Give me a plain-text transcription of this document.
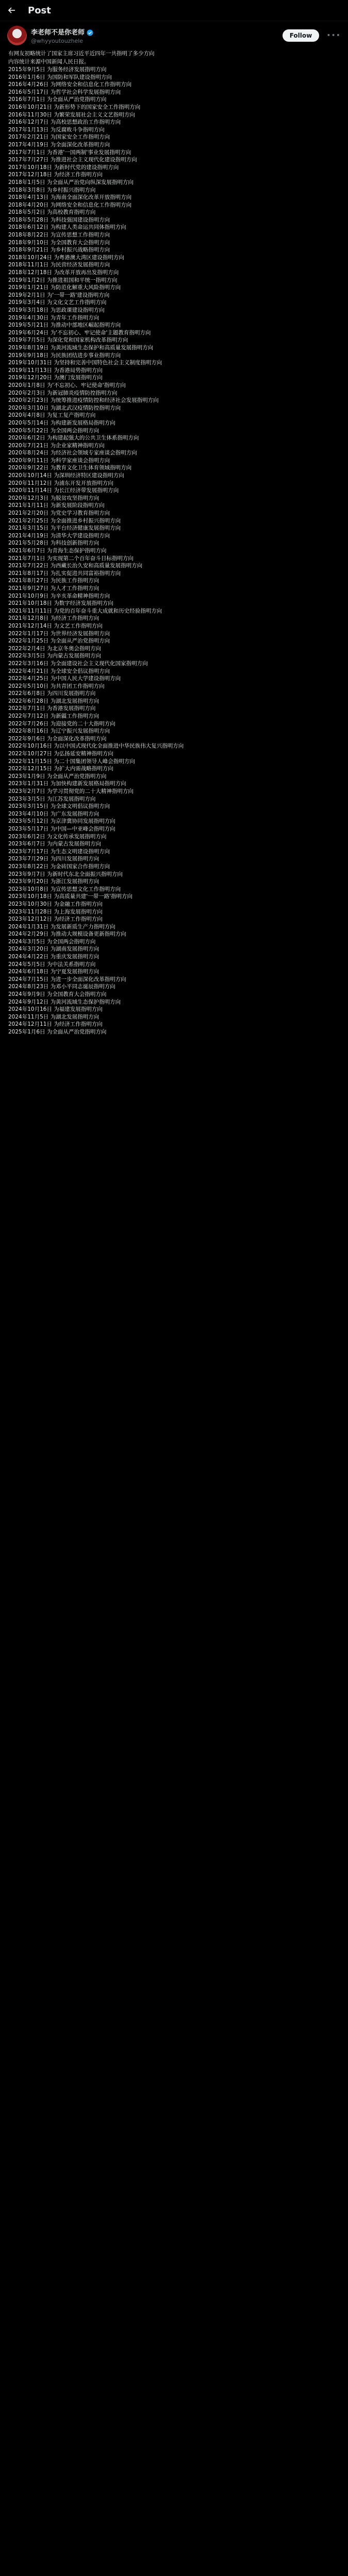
Post
李老师不是你老师
@whyyoutouzhele
Follow	•••
有网友初略统计了国家主席习近平近四年一共指明了多少方向
内容统计来源中国新闻人民日报。
2015年9月5日 为服务经济发展指明方向
2016年1月6日 为国防和军队建设指明方向
2016年4月26日 为网络安全和信息化工作指明方向
2016年5月17日 为哲学社会科学发展指明方向
2016年7月1日 为全面从严治党指明方向
2016年10月21日 为新形势下的国家安全工作指明方向
2016年11月30日 为繁荣发展社会主义文艺指明方向
2016年12月7日 为高校思想政治工作指明方向
2017年1月13日 为反腐败斗争指明方向
2017年2月21日 为国家安全工作指明方向
2017年4月19日 为全面深化改革指明方向
2017年7月1日 为香港'一国两制'事业发展指明方向
2017年7月27日 为推进社会主义现代化建设指明方向
2017年10月18日 为新时代党的建设指明方向
2017年12月18日 为经济工作指明方向
2018年1月5日 为全面从严治党向纵深发展指明方向
2018年3月8日 为乡村振兴指明方向
2018年4月13日 为海南全面深化改革开放指明方向
2018年4月20日 为网络安全和信息化工作指明方向
2018年5月2日 为高校教育指明方向
2018年5月28日 为科技强国建设指明方向
2018年6月12日 为构建人类命运共同体指明方向
2018年8月22日 为宣传思想工作指明方向
2018年9月10日 为全国教育大会指明方向
2018年9月21日 为乡村振兴战略指明方向
2018年10月24日 为粤港澳大湾区建设指明方向
2018年11月1日 为民营经济发展指明方向
2018年12月18日 为改革开放再出发指明方向
2019年1月2日 为推进祖国和平统一指明方向
2019年1月21日 为防范化解重大风险指明方向
2019年2月1日 为'一带一路'建设指明方向
2019年3月4日 为文化文艺工作指明方向
2019年3月18日 为思政课建设指明方向
2019年4月30日 为青年工作指明方向
2019年5月21日 为推动中部地区崛起指明方向
2019年6月24日 为'不忘初心、牢记使命'主题教育指明方向
2019年7月5日 为深化党和国家机构改革指明方向
2019年8月19日 为黄河流域生态保护和高质量发展指明方向
2019年9月18日 为民族团结进步事业指明方向
2019年10月31日 为坚持和完善中国特色社会主义制度指明方向
2019年11月13日 为香港局势指明方向
2019年12月20日 为澳门发展指明方向
2020年1月8日 为'不忘初心、牢记使命'指明方向
2020年2月3日 为新冠肺炎疫情防控指明方向
2020年2月23日 为统筹推进疫情防控和经济社会发展指明方向
2020年3月10日 为湖北武汉疫情防控指明方向
2020年4月8日 为复工复产指明方向
2020年5月14日 为构建新发展格局指明方向
2020年5月22日 为全国两会指明方向
2020年6月2日 为构建起强大的公共卫生体系指明方向
2020年7月21日 为企业家精神指明方向
2020年8月24日 为经济社会领域专家座谈会指明方向
2020年9月11日 为科学家座谈会指明方向
2020年9月22日 为教育文化卫生体育领域指明方向
2020年10月14日 为深圳经济特区建设指明方向
2020年11月12日 为浦东开发开放指明方向
2020年11月14日 为长江经济带发展指明方向
2020年12月3日 为脱贫攻坚指明方向
2021年1月11日 为新发展阶段指明方向
2021年2月20日 为党史学习教育指明方向
2021年2月25日 为全面推进乡村振兴指明方向
2021年3月15日 为平台经济健康发展指明方向
2021年4月19日 为清华大学建设指明方向
2021年5月28日 为科技创新指明方向
2021年6月7日 为青海生态保护指明方向
2021年7月1日 为实现第二个百年奋斗目标指明方向
2021年7月22日 为西藏长治久安和高质量发展指明方向
2021年8月17日 为扎实促进共同富裕指明方向
2021年8月27日 为民族工作指明方向
2021年9月27日 为人才工作指明方向
2021年10月9日 为辛亥革命精神指明方向
2021年10月18日 为数字经济发展指明方向
2021年11月11日 为党的百年奋斗重大成就和历史经验指明方向
2021年12月8日 为经济工作指明方向
2021年12月14日 为文艺工作指明方向
2022年1月17日 为世界经济发展指明方向
2022年1月25日 为全面从严治党指明方向
2022年2月4日 为北京冬奥会指明方向
2022年3月5日 为内蒙古发展指明方向
2022年3月16日 为全面建设社会主义现代化国家指明方向
2022年4月21日 为全球安全倡议指明方向
2022年4月25日 为中国人民大学建设指明方向
2022年5月10日 为共青团工作指明方向
2022年6月8日 为四川发展指明方向
2022年6月28日 为湖北发展指明方向
2022年7月1日 为香港发展指明方向
2022年7月12日 为新疆工作指明方向
2022年7月26日 为迎接党的二十大指明方向
2022年8月16日 为辽宁振兴发展指明方向
2022年9月6日 为全面深化改革指明方向
2022年10月16日 为以中国式现代化全面推进中华民族伟大复兴指明方向
2022年10月27日 为弘扬延安精神指明方向
2022年11月15日 为二十国集团领导人峰会指明方向
2022年12月15日 为扩大内需战略指明方向
2023年1月9日 为全面从严治党指明方向
2023年1月31日 为加快构建新发展格局指明方向
2023年2月7日 为学习贯彻党的二十大精神指明方向
2023年3月5日 为江苏发展指明方向
2023年3月15日 为全球文明倡议指明方向
2023年4月10日 为广东发展指明方向
2023年5月12日 为京津冀协同发展指明方向
2023年5月17日 为中国—中亚峰会指明方向
2023年6月2日 为文化传承发展指明方向
2023年6月7日 为内蒙古发展指明方向
2023年7月17日 为生态文明建设指明方向
2023年7月29日 为四川发展指明方向
2023年8月22日 为金砖国家合作指明方向
2023年9月7日 为新时代东北全面振兴指明方向
2023年9月20日 为浙江发展指明方向
2023年10月8日 为宣传思想文化工作指明方向
2023年10月18日 为高质量共建'一带一路'指明方向
2023年10月30日 为金融工作指明方向
2023年11月28日 为上海发展指明方向
2023年12月12日 为经济工作指明方向
2024年1月31日 为发展新质生产力指明方向
2024年2月29日 为推动大规模设备更新指明方向
2024年3月5日 为全国两会指明方向
2024年3月20日 为湖南发展指明方向
2024年4月22日 为重庆发展指明方向
2024年5月5日 为中法关系指明方向
2024年6月18日 为宁夏发展指明方向
2024年7月15日 为进一步全面深化改革指明方向
2024年8月23日 为邓小平同志诞辰指明方向
2024年9月9日 为全国教育大会指明方向
2024年9月12日 为黄河流域生态保护指明方向
2024年10月16日 为福建发展指明方向
2024年11月5日 为湖北发展指明方向
2024年12月11日 为经济工作指明方向
2025年1月6日 为全面从严治党指明方向
